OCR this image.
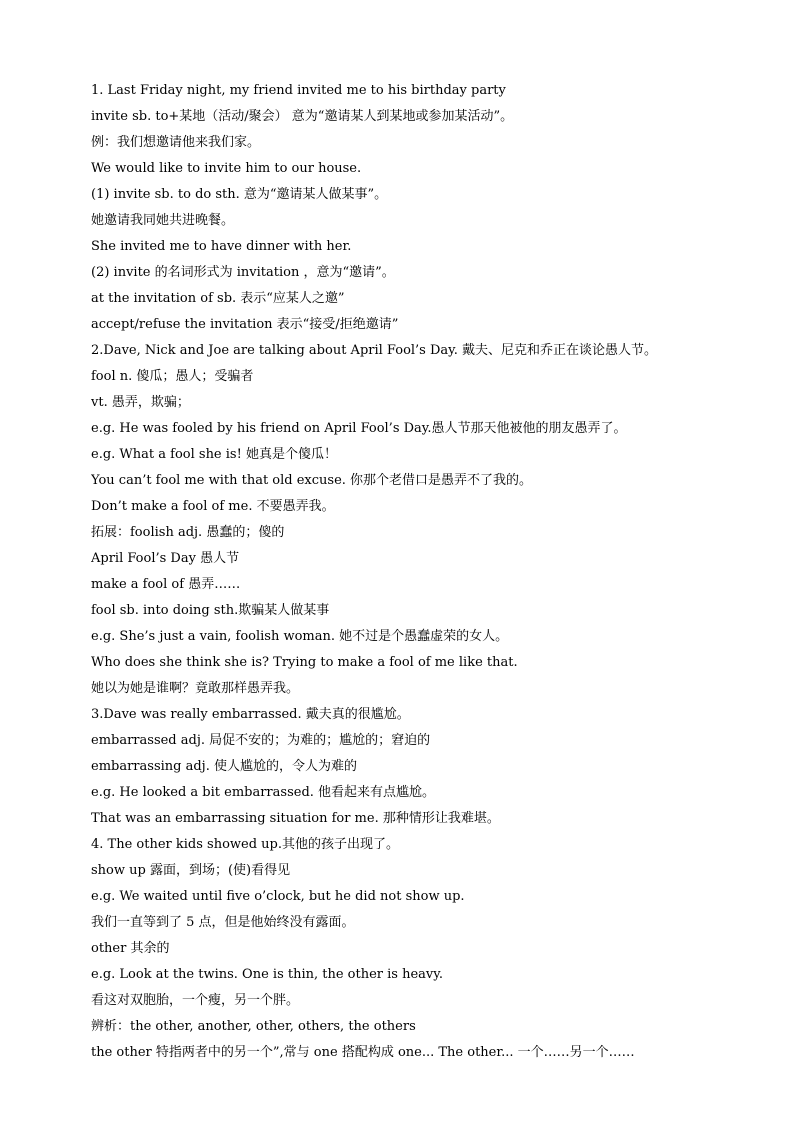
1. Last Friday night, my friend invited me to his birthday party
invite sb. to+某地（活动/聚会） 意为“邀请某人到某地或参加某活动”。
例：我们想邀请他来我们家。
We would like to invite him to our house.
(1) invite sb. to do sth. 意为“邀请某人做某事”。
她邀请我同她共进晚餐。
She invited me to have dinner with her.
(2) invite 的名词形式为 invitation ，意为“邀请”。
at the invitation of sb. 表示“应某人之邀”
accept/refuse the invitation 表示“接受/拒绝邀请”
2.Dave, Nick and Joe are talking about April Fool’s Day. 戴夫、尼克和乔正在谈论愚人节。
fool n. 傻瓜；愚人；受骗者
vt. 愚弄，欺骗；
e.g. He was fooled by his friend on April Fool’s Day.愚人节那天他被他的朋友愚弄了。
e.g. What a fool she is! 她真是个傻瓜！
You can’t fool me with that old excuse. 你那个老借口是愚弄不了我的。
Don’t make a fool of me. 不要愚弄我。
拓展：foolish adj. 愚蠢的；傻的
April Fool’s Day 愚人节
make a fool of 愚弄……
fool sb. into doing sth.欺骗某人做某事
e.g. She’s just a vain, foolish woman. 她不过是个愚蠢虚荣的女人。
Who does she think she is? Trying to make a fool of me like that.
她以为她是谁啊？竟敢那样愚弄我。
3.Dave was really embarrassed. 戴夫真的很尴尬。
embarrassed adj. 局促不安的；为难的；尴尬的；窘迫的
embarrassing adj. 使人尴尬的，令人为难的
e.g. He looked a bit embarrassed. 他看起来有点尴尬。
That was an embarrassing situation for me. 那种情形让我难堪。
4. The other kids showed up.其他的孩子出现了。
show up 露面，到场；(使)看得见
e.g. We waited until five o’clock, but he did not show up.
我们一直等到了 5 点，但是他始终没有露面。
other 其余的
e.g. Look at the twins. One is thin, the other is heavy.
看这对双胞胎，一个瘦，另一个胖。
辨析：the other, another, other, others, the others
the other 特指两者中的另一个”,常与 one 搭配构成 one... The other... 一个……另一个……
